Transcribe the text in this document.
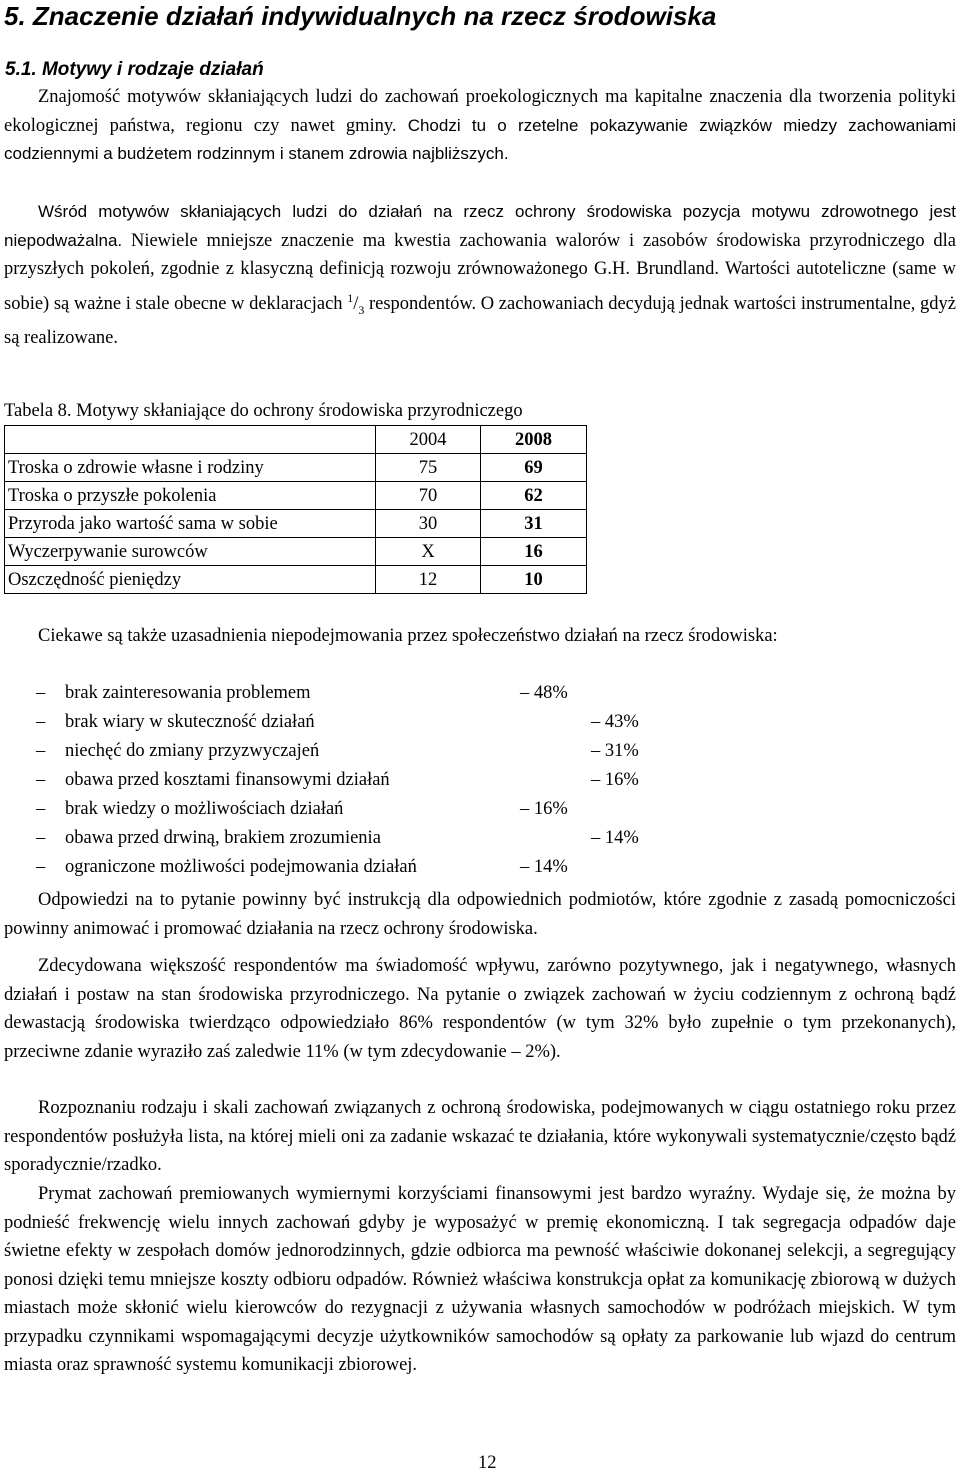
5. Znaczenie działań indywidualnych na rzecz środowiska
5.1. Motywy i rodzaje działań

Znajomość motywów skłaniających ludzi do zachowań proekologicznych ma kapitalne znaczenia dla tworzenia polityki ekologicznej państwa, regionu czy nawet gminy. Chodzi tu o rzetelne pokazywanie związków miedzy zachowaniami codziennymi a budżetem rodzinnym i stanem zdrowia najbliższych.

Wśród motywów skłaniających ludzi do działań na rzecz ochrony środowiska pozycja motywu zdrowotnego jest niepodważalna. Niewiele mniejsze znaczenie ma kwestia zachowania walorów i zasobów środowiska przyrodniczego dla przyszłych pokoleń, zgodnie z klasyczną definicją rozwoju zrównoważonego G.H. Brundland. Wartości autoteliczne (same w sobie) są ważne i stale obecne w deklaracjach $^1/_3$ respondentów. O zachowaniach decydują jednak wartości instrumentalne, gdyż są realizowane.

Tabela 8. Motywy skłaniające do ochrony środowiska przyrodniczego
	2004	2008
Troska o zdrowie własne i rodziny	75	69
Troska o przyszłe pokolenia	70	62
Przyroda jako wartość sama w sobie	30	31
Wyczerpywanie surowców	X	16
Oszczędność pieniędzy	12	10

Ciekawe są także uzasadnienia niepodejmowania przez społeczeństwo działań na rzecz środowiska:

– brak zainteresowania problemem	– 48%
– brak wiary w skuteczność działań	– 43%
– niechęć do zmiany przyzwyczajeń	– 31%
– obawa przed kosztami finansowymi działań	– 16%
– brak wiedzy o możliwościach działań	– 16%
– obawa przed drwiną, brakiem zrozumienia	– 14%
– ograniczone możliwości podejmowania działań	– 14%

Odpowiedzi na to pytanie powinny być instrukcją dla odpowiednich podmiotów, które zgodnie z zasadą pomocniczości powinny animować i promować działania na rzecz ochrony środowiska.

Zdecydowana większość respondentów ma świadomość wpływu, zarówno pozytywnego, jak i negatywnego, własnych działań i postaw na stan środowiska przyrodniczego. Na pytanie o związek zachowań w życiu codziennym z ochroną bądź dewastacją środowiska twierdząco odpowiedziało 86% respondentów (w tym 32% było zupełnie o tym przekonanych), przeciwne zdanie wyraziło zaś zaledwie 11% (w tym zdecydowanie – 2%).

Rozpoznaniu rodzaju i skali zachowań związanych z ochroną środowiska, podejmowanych w ciągu ostatniego roku przez respondentów posłużyła lista, na której mieli oni za zadanie wskazać te działania, które wykonywali systematycznie/często bądź sporadycznie/rzadko.

Prymat zachowań premiowanych wymiernymi korzyściami finansowymi jest bardzo wyraźny. Wydaje się, że można by podnieść frekwencję wielu innych zachowań gdyby je wyposażyć w premię ekonomiczną. I tak segregacja odpadów daje świetne efekty w zespołach domów jednorodzinnych, gdzie odbiorca ma pewność właściwie dokonanej selekcji, a segregujący ponosi dzięki temu mniejsze koszty odbioru odpadów. Również właściwa konstrukcja opłat za komunikację zbiorową w dużych miastach może skłonić wielu kierowców do rezygnacji z używania własnych samochodów w podróżach miejskich. W tym przypadku czynnikami wspomagającymi decyzje użytkowników samochodów są opłaty za parkowanie lub wjazd do centrum miasta oraz sprawność systemu komunikacji zbiorowej.

12
